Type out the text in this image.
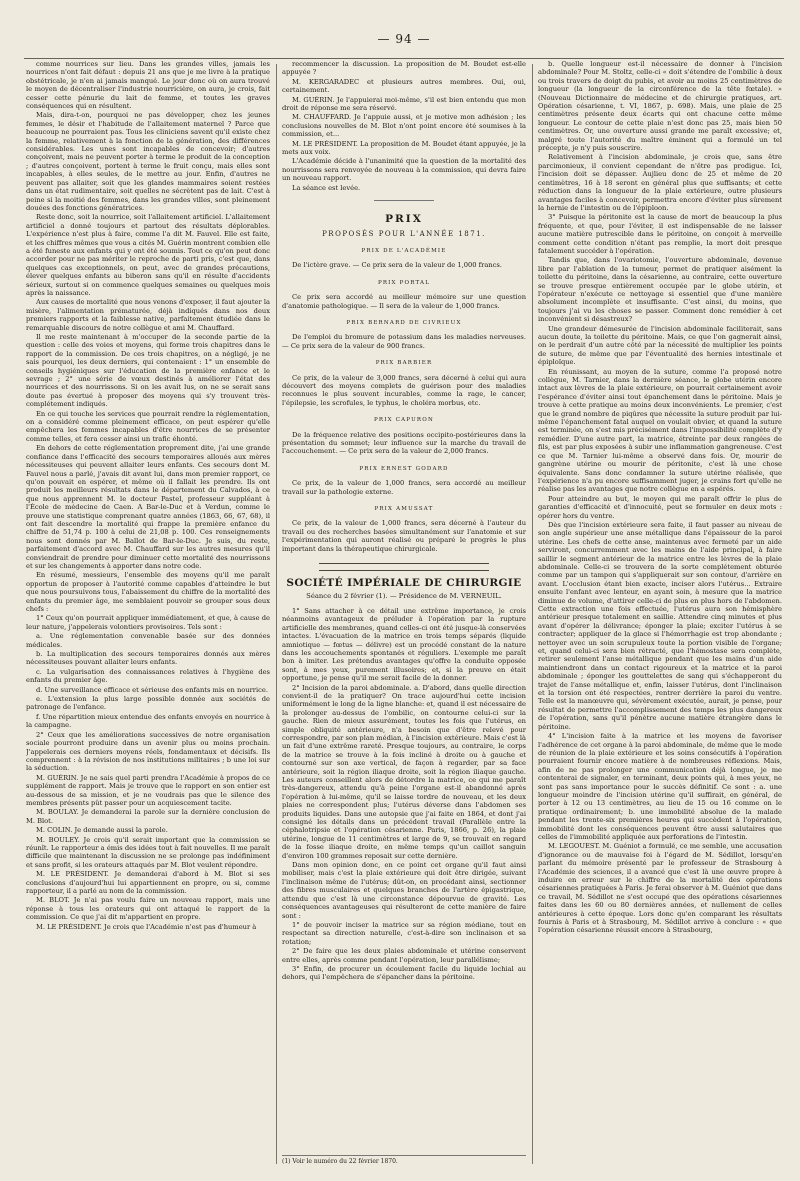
— 94 —

comme nourrices sur lieu. Dans les grandes villes, jamais les nourrices n'ont fait défaut : depuis 21 ans que je me livre à la pratique obstétricale, je n'en ai jamais manqué. Le jour donc où on aura trouvé le moyen de décentraliser l'industrie nourricière, on aura, je crois, fait cesser cette pénurie du lait de femme, et toutes les graves conséquences qui en résultent.

Mais, dira-t-on, pourquoi ne pas développer, chez les jeunes femmes, le désir et l'habitude de l'allaitement maternel ? Parce que beaucoup ne pourraient pas. Tous les cliniciens savent qu'il existe chez la femme, relativement à la fonction de la génération, des différences considérables. Les unes sont incapables de concevoir; d'autres conçoivent, mais ne peuvent porter à terme le produit de la conception ; d'autres conçoivent, portent à terme le fruit conçu, mais elles sont incapables, à elles seules, de le mettre au jour. Enfin, d'autres ne peuvent pas allaiter, soit que les glandes mammaires soient restées dans un état rudimentaire, soit quelles ne sécrètent pas de lait. C'est à peine si la moitié des femmes, dans les grandes villes, sont pleinement douées des fonctions génératrices.

Reste donc, soit la nourrice, soit l'allaitement artificiel. L'allaitement artificiel a donné toujours et partout des résultats déplorables. L'expérience n'est plus à faire, comme l'a dit M. Fauvel. Elle est faite, et les chiffres mêmes que vous a cités M. Guérin montrent combien elle a été funeste aux enfants qui y ont été soumis. Tout ce qu'on peut donc accorder pour ne pas mériter le reproche de parti pris, c'est que, dans quelques cas exceptionnels, on peut, avec de grandes précautions, élever quelques enfants au biberon sans qu'il en résulte d'accidents sérieux, surtout si on commence quelques semaines ou quelques mois après la naissance.

Aux causes de mortalité que nous venons d'exposer, il faut ajouter la misère, l'alimentation prématurée, déjà indiqués dans nos deux premiers rapports et la faiblesse native, parfaitement étudiée dans le remarquable discours de notre collègue et ami M. Chauffard.

Il me reste maintenant à m'occuper de la seconde partie de la question : celle des voies et moyens, qui forme trois chapitres dans le rapport de la commission. De ces trois chapitres, on a négligé, je ne sais pourquoi, les deux derniers, qui contenaient : 1° un ensemble de conseils hygiéniques sur l'éducation de la première enfance et le sevrage ; 2° une série de vœux destinés à améliorer l'état des nourrices et des nourrissons. Si on les avait lus, on ne se serait sans doute pas évertué à proposer des moyens qui s'y trouvent très-complétement indiqués.

En ce qui touche les services que pourrait rendre la réglementation, on a considéré comme pleinement efficace, on peut espérer qu'elle empêchera les femmes incapables d'être nourrices de se présenter comme telles, et fera cesser ainsi un trafic éhonté.

En dehors de cette réglementation proprement dite, j'ai une grande confiance dans l'efficacité des secours temporaires alloués aux mères nécessiteuses qui peuvent allaiter leurs enfants. Ces secours dont M. Fauvel nous a parlé, j'avais dit avant lui, dans mon premier rapport, ce qu'on pouvait en espérer, et même où il fallait les prendre. Ils ont produit les meilleurs résultats dans le département du Calvados, à ce que nous apprennent M. le docteur Pastel, professeur suppléant à l'École de médecine de Caen. A Bar-le-Duc et à Verdun, comme le prouve une statistique comprenant quatre années (1863, 66, 67, 68), il ont fait descendre la mortalité qui frappe la première enfance du chiffre de 51,74 p. 100 à celui de 21,08 p. 100. Ces renseignements nous sont donnés par M. Ballot de Bar-le-Duc. Je suis, du reste, parfaitement d'accord avec M. Chauffard sur les autres mesures qu'il conviendrait de prendre pour diminuer cette mortalité des nourrissons et sur les changements à apporter dans notre code.

En résumé, messieurs, l'ensemble des moyens qu'il me paraît opportun de proposer à l'autorité comme capables d'atteindre le but que nous poursuivons tous, l'abaissement du chiffre de la mortalité des enfants du premier âge, me semblaient pouvoir se grouper sous deux chefs :

1° Ceux qu'on pourrait appliquer immédiatement, et que, à cause de leur nature, j'appelerais volontiers provisoires. Tels sont :

a. Une réglementation convenable basée sur des données médicales.

b. La multiplication des secours temporaires donnés aux mères nécessiteuses pouvant allaiter leurs enfants.

c. La vulgarisation des connaissances relatives à l'hygiène des enfants du premier âge.

d. Une surveillance efficace et sérieuse des enfants mis en nourrice.

e. L'extension la plus large possible donnée aux sociétés de patronage de l'enfance.

f. Une répartition mieux entendue des enfants envoyés en nourrice à la campagne.

2° Ceux que les améliorations successives de notre organisation sociale pourront produire dans un avenir plus ou moins prochain. J'appelerais ces derniers moyens réels, fondamentaux et décisifs. Ils comprennent : à la révision de nos institutions militaires ; b une loi sur la séduction.

M. GUÉRIN. Je ne sais quel parti prendra l'Académie à propos de ce supplément de rapport. Mais je trouve que le rapport en son entier est au-dessous de sa mission, et je ne voudrais pas que le silence des membres présents pût passer pour un acquiescement tacite.

M. BOULAY. Je demanderai la parole sur la dernière conclusion de M. Blot.

M. COLIN. Je demande aussi la parole.

M. BOULEY. Je crois qu'il serait important que la commission se réunît. Le rapporteur a émis des idées tout à fait nouvelles. Il me paraît difficile que maintenant la discussion ne se prolonge pas indéfiniment et sans profit, si les orateurs attaqués par M. Blot veulent répondre.

M. LE PRÉSIDENT. Je demanderai d'abord à M. Blot si ses conclusions d'aujourd'hui lui appartiennent en propre, ou si, comme rapporteur, il a parlé au nom de la commission.

M. BLOT. Je n'ai pas voulu faire un nouveau rapport, mais une réponse à tous les orateurs qui ont attaqué le rapport de la commission. Ce que j'ai dit m'appartient en propre.

M. LE PRÉSIDENT. Je crois que l'Académie n'est pas d'humeur à

recommencer la discussion. La proposition de M. Boudet est-elle appuyée ?

M. KERGARADEC et plusieurs autres membres. Oui, oui, certainement.

M. GUÉRIN. Je l'appuierai moi-même, s'il est bien entendu que mon droit de réponse me sera réservé.

M. CHAUFFARD. Je l'appuie aussi, et je motive mon adhésion ; les conclusions nouvelles de M. Blot n'ont point encore été soumises à la commission, et...

M. LE PRÉSIDENT. La proposition de M. Boudet étant appuyée, je la mets aux voix.

L'Académie décide à l'unanimité que la question de la mortalité des nourrissons sera renvoyée de nouveau à la commission, qui devra faire un nouveau rapport.

La séance est levée.

PRIX
PROPOSÉS POUR L'ANNÉE 1871.
PRIX DE L'ACADÉMIE

De l'ictère grave. — Ce prix sera de la valeur de 1,000 francs.

PRIX PORTAL

Ce prix sera accordé au meilleur mémoire sur une question d'anatomie pathologique. — Il sera de la valeur de 1,000 francs.

PRIX BERNARD DE CIVRIEUX

De l'emploi du bromure de potassium dans les maladies nerveuses. — Ce prix sera de la valeur de 900 francs.

PRIX BARBIER

Ce prix, de la valeur de 3,000 francs, sera décerné à celui qui aura découvert des moyens complets de guérison pour des maladies reconnues le plus souvent incurables, comme la rage, le cancer, l'épilepsie, les scrofules, le typhus, le choléra morbus, etc.

PRIX CAPURON

De la fréquence relative des positions occipito-postérieures dans la présentation du sommet; leur influence sur la marche du travail de l'accouchement. — Ce prix sera de la valeur de 2,000 francs.

PRIX ERNEST GODARD

Ce prix, de la valeur de 1,000 francs, sera accordé au meilleur travail sur la pathologie externe.

PRIX AMUSSAT

Ce prix, de la valeur de 1,000 francs, sera décerné à l'auteur du travail ou des recherches basées simultanément sur l'anatomie et sur l'expérimentation qui auront réalisé ou préparé le progrès le plus important dans la thérapeutique chirurgicale.

SOCIÉTÉ IMPÉRIALE DE CHIRURGIE
Séance du 2 février (1). — Présidence de M. VERNEUIL.

1° Sans attacher à ce détail une extrême importance, je crois néanmoins avantageux de préluder à l'opération par la rupture artificielle des membranes, quand celles-ci ont été jusque-là conservées intactes. L'évacuation de la matrice en trois temps séparés (liquide amniotique — fœtus — délivre) est un procédé constant de la nature dans les accouchements spontanés et réguliers. L'exemple me paraît bon à imiter. Les prétendus avantages qu'offre la conduite opposée sont, à mes yeux, purement illusoires; et, si la preuve en était opportune, je pense qu'il me serait facile de la donner.

2° Incision de la paroi abdominale. a. D'abord, dans quelle direction convient-il de la pratiquer? On trace aujourd'hui cette incision uniformément le long de la ligne blanche: et, quand il est nécessaire de la prolonger au-dessus de l'ombilic, on contourne celui-ci sur la gauche. Rien de mieux assurément, toutes les fois que l'utérus, en simple obliquité antérieure, n'a besoin que d'être relevé pour correspondre, par son plan médian, à l'incision extérieure. Mais c'est là un fait d'une extrême rareté. Presque toujours, au contraire, le corps de la matrice se trouve à la fois incliné à droite ou à gauche et contourné sur son axe vertical, de façon à regarder, par sa face antérieure, soit la région iliaque droite, soit la région iliaque gauche. Les auteurs conseillent alors de détordre la matrice, ce qui me paraît très-dangereux, attendu qu'à peine l'organe est-il abandonné après l'opération à lui-même, qu'il se laisse tordre de nouveau, et les deux plaies ne correspondent plus; l'utérus déverse dans l'abdomen ses produits liquides. Dans une autopsie que j'ai faite en 1864, et dont j'ai consigné les détails dans un précédent travail (Parallèle entre la céphalotripsie et l'opération césarienne. Paris, 1866, p. 26), la plaie utérine, longue de 11 centimètres et large de 9, se trouvait en regard de la fosse iliaque droite, en même temps qu'un caillot sanguin d'environ 100 grammes reposait sur cette dernière.

Dans mon opinion donc, en ce point cet organe qu'il faut ainsi mobiliser, mais c'est la plaie extérieure qui doit être dirigée, suivant l'inclinaison même de l'utérus; dût-on, en procédant ainsi, sectionner des fibres musculaires et quelques branches de l'artère épigastrique, attendu que c'est là une circonstance dépourvue de gravité. Les conséquences avantageuses qui résulteront de cette manière de faire sont :

1° de pouvoir inciser la matrice sur sa région médiane, tout en respectant sa direction naturelle, c'est-à-dire son inclinaison et sa rotation;

2° De faire que les deux plaies abdominale et utérine conservent entre elles, après comme pendant l'opération, leur parallélisme;

3° Enfin, de procurer un écoulement facile du liquide lochial au dehors, qui l'empêchera de s'épancher dans la péritoine.

(1) Voir le numéro du 22 février 1870.

b. Quelle longueur est-il nécessaire de donner à l'incision abdominale? Pour M. Stoltz, celle-ci « doit s'étendre de l'ombilic à deux ou trois travers de doigt du pubis, et avoir au moins 25 centimètres de longueur (la longueur de la circonférence de la tête fœtale). » (Nouveau Dictionnaire de médecine et de chirurgie pratiques, art. Opération césarienne, t. VI, 1867, p. 698). Mais, une plaie de 25 centimètres présente deux écarts qui ont chacune cette même longueur. Le contour de cette plaie n'est donc pas 25, mais bien 50 centimètres. Or, une ouverture aussi grande me paraît excessive; et, malgré toute l'autorité du maître éminent qui a formulé un tel précepte, je n'y puis souscrire.

Relativement à l'incision abdominale, je crois que, sans être parcimonieux, il convient cependant de n'être pas prodigue. Ici, l'incision doit se dépasser. Aujlieu donc de 25 et même de 20 centimètres, 16 à 18 seront en général plus que suffisants; et cette réduction dans la longueur de la plaie extérieure, outre plusieurs avantages faciles à concevoir, permettra encore d'éviter plus sûrement la hernie de l'intestin ou de l'épiploon.

3° Puisque la péritonite est la cause de mort de beaucoup la plus fréquente, et que, pour l'éviter, il est indispensable de ne laisser aucune matière putrescible dans le péritoine, on conçoit à merveille comment cette condition n'étant pas remplie, la mort doit presque fatalement succéder à l'opération.

Tandis que, dans l'ovariotomie, l'ouverture abdominale, devenue libre par l'ablation de la tumeur, permet de pratiquer aisément la toilette du péritoine, dans la césarienne, au contraire, cette ouverture se trouve presque entièrement occupée par le globe utérin, et l'opérateur n'exécute ce nettoyage si essentiel que d'une manière absolument incomplète et insuffisante. C'est ainsi, du moins, que toujours j'ai vu les choses se passer. Comment donc remédier à cet inconvénient si désastreux?

Une grandeur démesurée de l'incision abdominale faciliterait, sans aucun doute, la toilette du péritoine. Mais, ce que l'on gagnerait ainsi, on le perdrait d'un autre côté par la nécessité de multiplier les points de suture, de même que par l'éventualité des hernies intestinale et épiploïque.

En réunissant, au moyen de la suture, comme l'a proposé notre collègue, M. Tarnier, dans la dernière séance, le globe utérin encore intact aux lèvres de la plaie extérieure, on pourrait certainement avoir l'espérance d'éviter ainsi tout épanchement dans le péritoine. Mais je trouve à cette pratique au moins deux inconvénients. Le premier, c'est que le grand nombre de piqûres que nécessite la suture produit par lui-même l'épanchement fatal auquel on voulait obvier, et quand la suture est terminée, on s'est mis précisément dans l'impossibilité complète d'y remédier. D'une autre part, la matrice, étreinte par deux rangées de fils, est par plus exposées à subir une inflammation gangreneuse. C'est ce que M. Tarnier lui-même a observé dans fois. Or, mourir de gangrène utérine ou mourir de péritonite, c'est là une chose équivalente. Sans donc condamner la suture utérine réalisée, que l'expérience n'a pu encore suffisamment juger, je crains fort qu'elle ne réalise pas les avantages que notre collègue en a espérés.

Pour atteindre au but, le moyen qui me paraît offrir le plus de garanties d'efficacité et d'innocuité, peut se formuler en deux mots : opérer hors du ventre.

Dès que l'incision extérieure sera faite, il faut passer au niveau de son angle supérieur une anse métallique dans l'épaisseur de la paroi utérine. Les chefs de cette anse, maintenus avec fermeté par un aide serviront, concurremment avec les mains de l'aide principal, à faire saillir le segment antérieur de la matrice entre les lèvres de la plaie abdominale. Celle-ci se trouvera de la sorte complétement obturée comme par un tampon qui s'appliquerait sur son contour, d'arrière en avant. L'occlusion étant bien exacte, inciser alors l'utérus... Extraire ensuite l'enfant avec lenteur, en ayant soin, à mesure que la matrice diminue de volume, d'attirer celle-ci de plus en plus hors de l'abdomen. Cette extraction une fois effectuée, l'utérus aura son hémisphère antérieur presque totalement en saillie. Attendre cinq minutes et plus avant d'opérer la délivrance; éponger la plaie; exciter l'utérus à se contracter; appliquer de la glace si l'hémorrhagie est trop abondante ; nettoyer avec un soin scrupuleux toute la portion visible de l'organe; et, quand celui-ci sera bien rétracté, que l'hémostase sera complète, retirer seulement l'anse métallique pendant que les mains d'un aide maintiendront dans un contact rigoureux et la matrice et la paroi abdominale ; éponger les gouttelettes de sang qui s'échapperont du trajet de l'anse métallique et, enfin, laisser l'utérus, dont l'inclinaison et la torsion ont été respectées, rentrer derrière la paroi du ventre. Telle est la manœuvre qui, sévèrement exécutée, aurait, je pense, pour résultat de permettre l'accomplissement des temps les plus dangereux de l'opération, sans qu'il pénètre aucune matière étrangère dans le péritoine.

4° L'incision faite à la matrice et les moyens de favoriser l'adhérence de cet organe à la paroi abdominale, de même que le mode de réunion de la plaie extérieure et les soins consécutifs à l'opération pourraient fournir encore matière à de nombreuses réflexions. Mais, afin de ne pas prolonger une communication déjà longue, je me contenterai de signaler, en terminant, deux points qui, à mes yeux, ne sont pas sans importance pour le succès définitif. Ce sont : a. une longueur moindre de l'incision utérine qu'il suffirait, en général, de porter à 12 ou 13 centimètres, au lieu de 15 ou 16 comme on le pratique ordinairement; b. une immobilité absolue de la malade pendant les trente-six premières heures qui succèdent à l'opération, immobilité dont les conséquences peuvent être aussi salutaires que celles de l'immobilité appliquée aux perforations de l'intestin.

M. LEGOUEST. M. Guéniot a formulé, ce me semble, une accusation d'ignorance ou de mauvaise foi à l'égard de M. Sédillot, lorsqu'en parlant du mémoire présenté par le professeur de Strasbourg à l'Académie des sciences, il a avancé que c'est là une œuvre propre à induire en erreur sur le chiffre de la mortalité des opérations césariennes pratiquées à Paris. Je ferai observer à M. Guéniot que dans ce travail, M. Sédillot ne s'est occupé que des opérations césariennes faites dans les 60 ou 80 dernières années, et nullement de celles antérieures à cette époque. Lors donc qu'en comparant les résultats fournis à Paris et à Strasbourg, M. Sédillot arrive à conclure : « que l'opération césarienne réussit encore à Strasbourg,
